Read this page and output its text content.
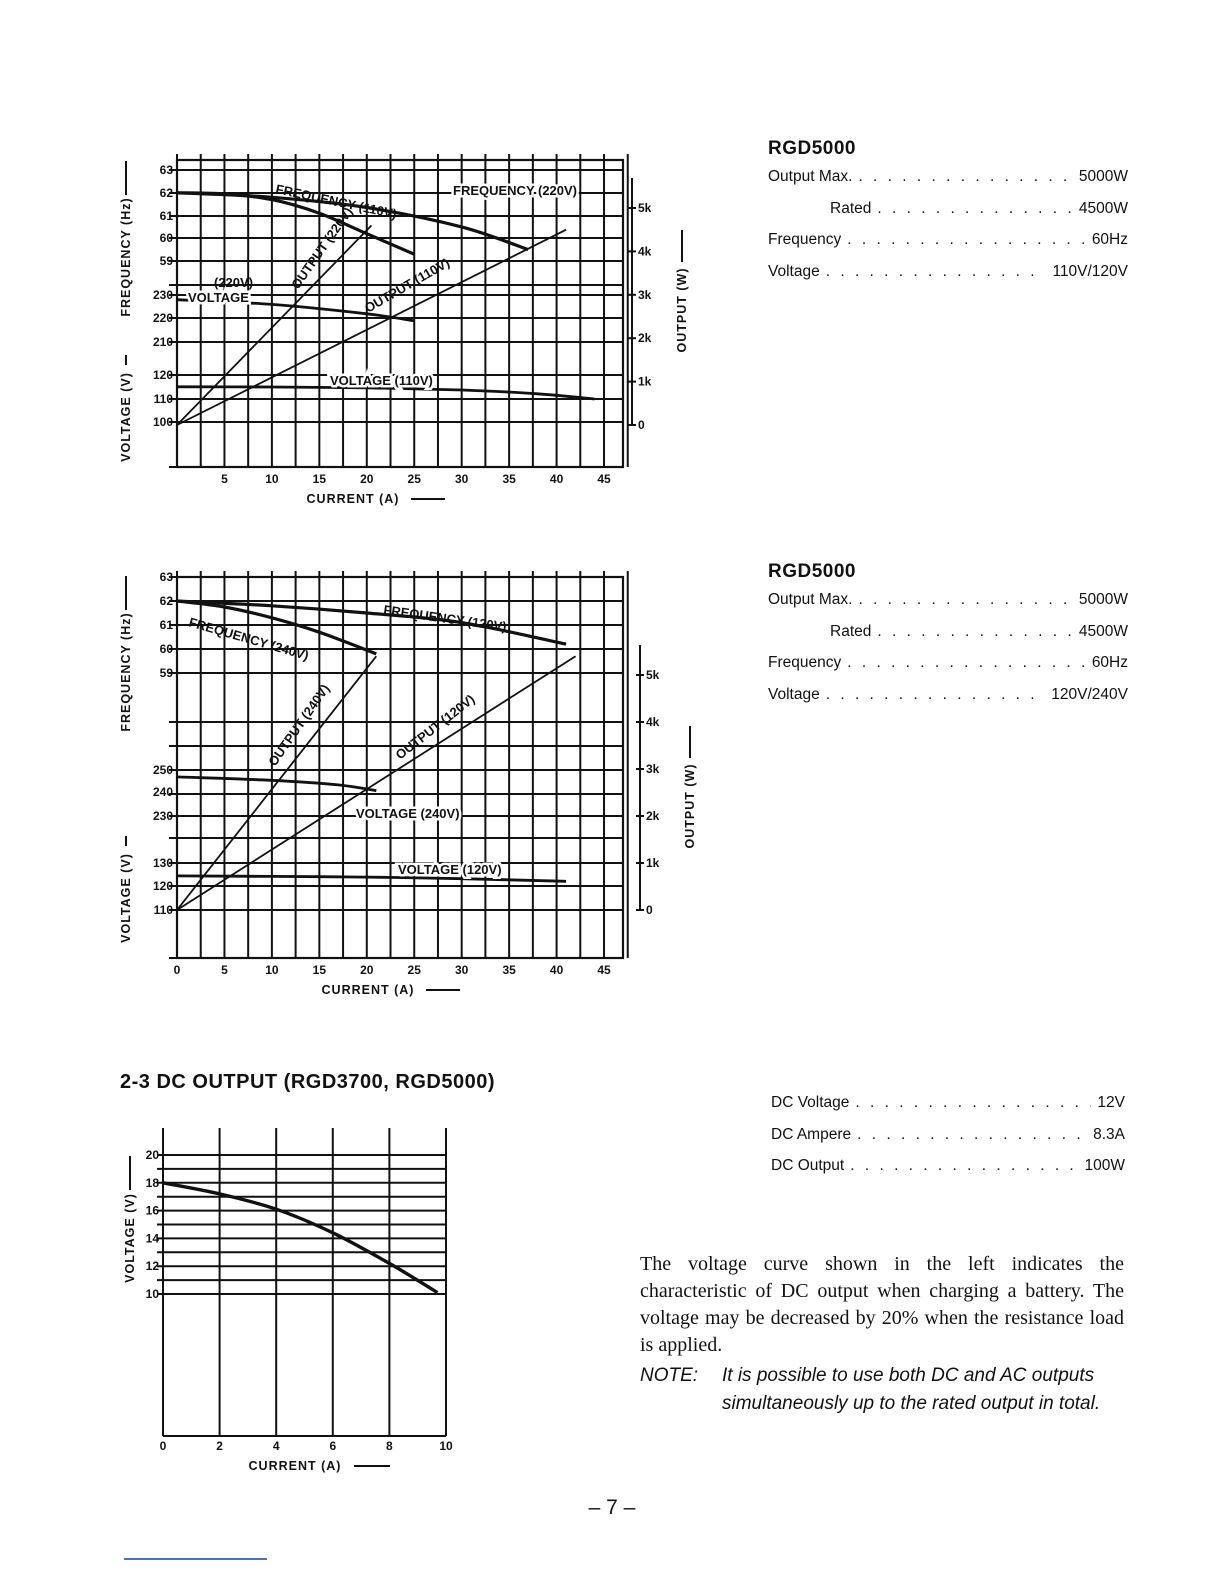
63
62
61
60
59
230
220
210
120
110
100
5	10	15	20	25	30	35	40	45
CURRENT (A)
5k
4k
3k
2k
1k
0
OUTPUT (W)
FREQUENCY (Hz)
VOLTAGE (V)
FREQUENCY (110V)	FREQUENCY (220V)
VOLTAGE
(220V)
VOLTAGE (110V)
OUTPUT (220V) OUTPUT (110V)
RGD5000
Output Max. . . .	5000W
Rated . . .	4500W
Frequency . . .	60Hz
Voltage . . .	110V/120V
63
62
61
60
59
250
240
230
130
120
110
0	5	10	15	20	25	30	35	40	45
CURRENT (A)
5k
4k
3k
2k
1k
0
OUTPUT (W)
FREQUENCY (Hz)
VOLTAGE (V)
FREQUENCY (240V)	FREQUENCY (120V)
VOLTAGE (240V)
VOLTAGE (120V)
OUTPUT (240V)	OUTPUT (120V)
RGD5000
Output Max. . . .	5000W
Rated . . .	4500W
Frequency . . .	60Hz
Voltage . . .	120V/240V
2-3 DC OUTPUT (RGD3700, RGD5000)
20
18
16
14
12
10
0	2	4	6	8	10
CURRENT (A)
VOLTAGE (V)
DC Voltage . . .	12V
DC Ampere . . .	8.3A
DC Output . . .	100W

The voltage curve shown in the left indicates the characteristic of DC output when charging a battery. The voltage may be decreased by 20% when the resistance load is applied.

NOTE:	It is possible to use both DC and AC outputs simultaneously up to the rated output in total.

– 7 –
